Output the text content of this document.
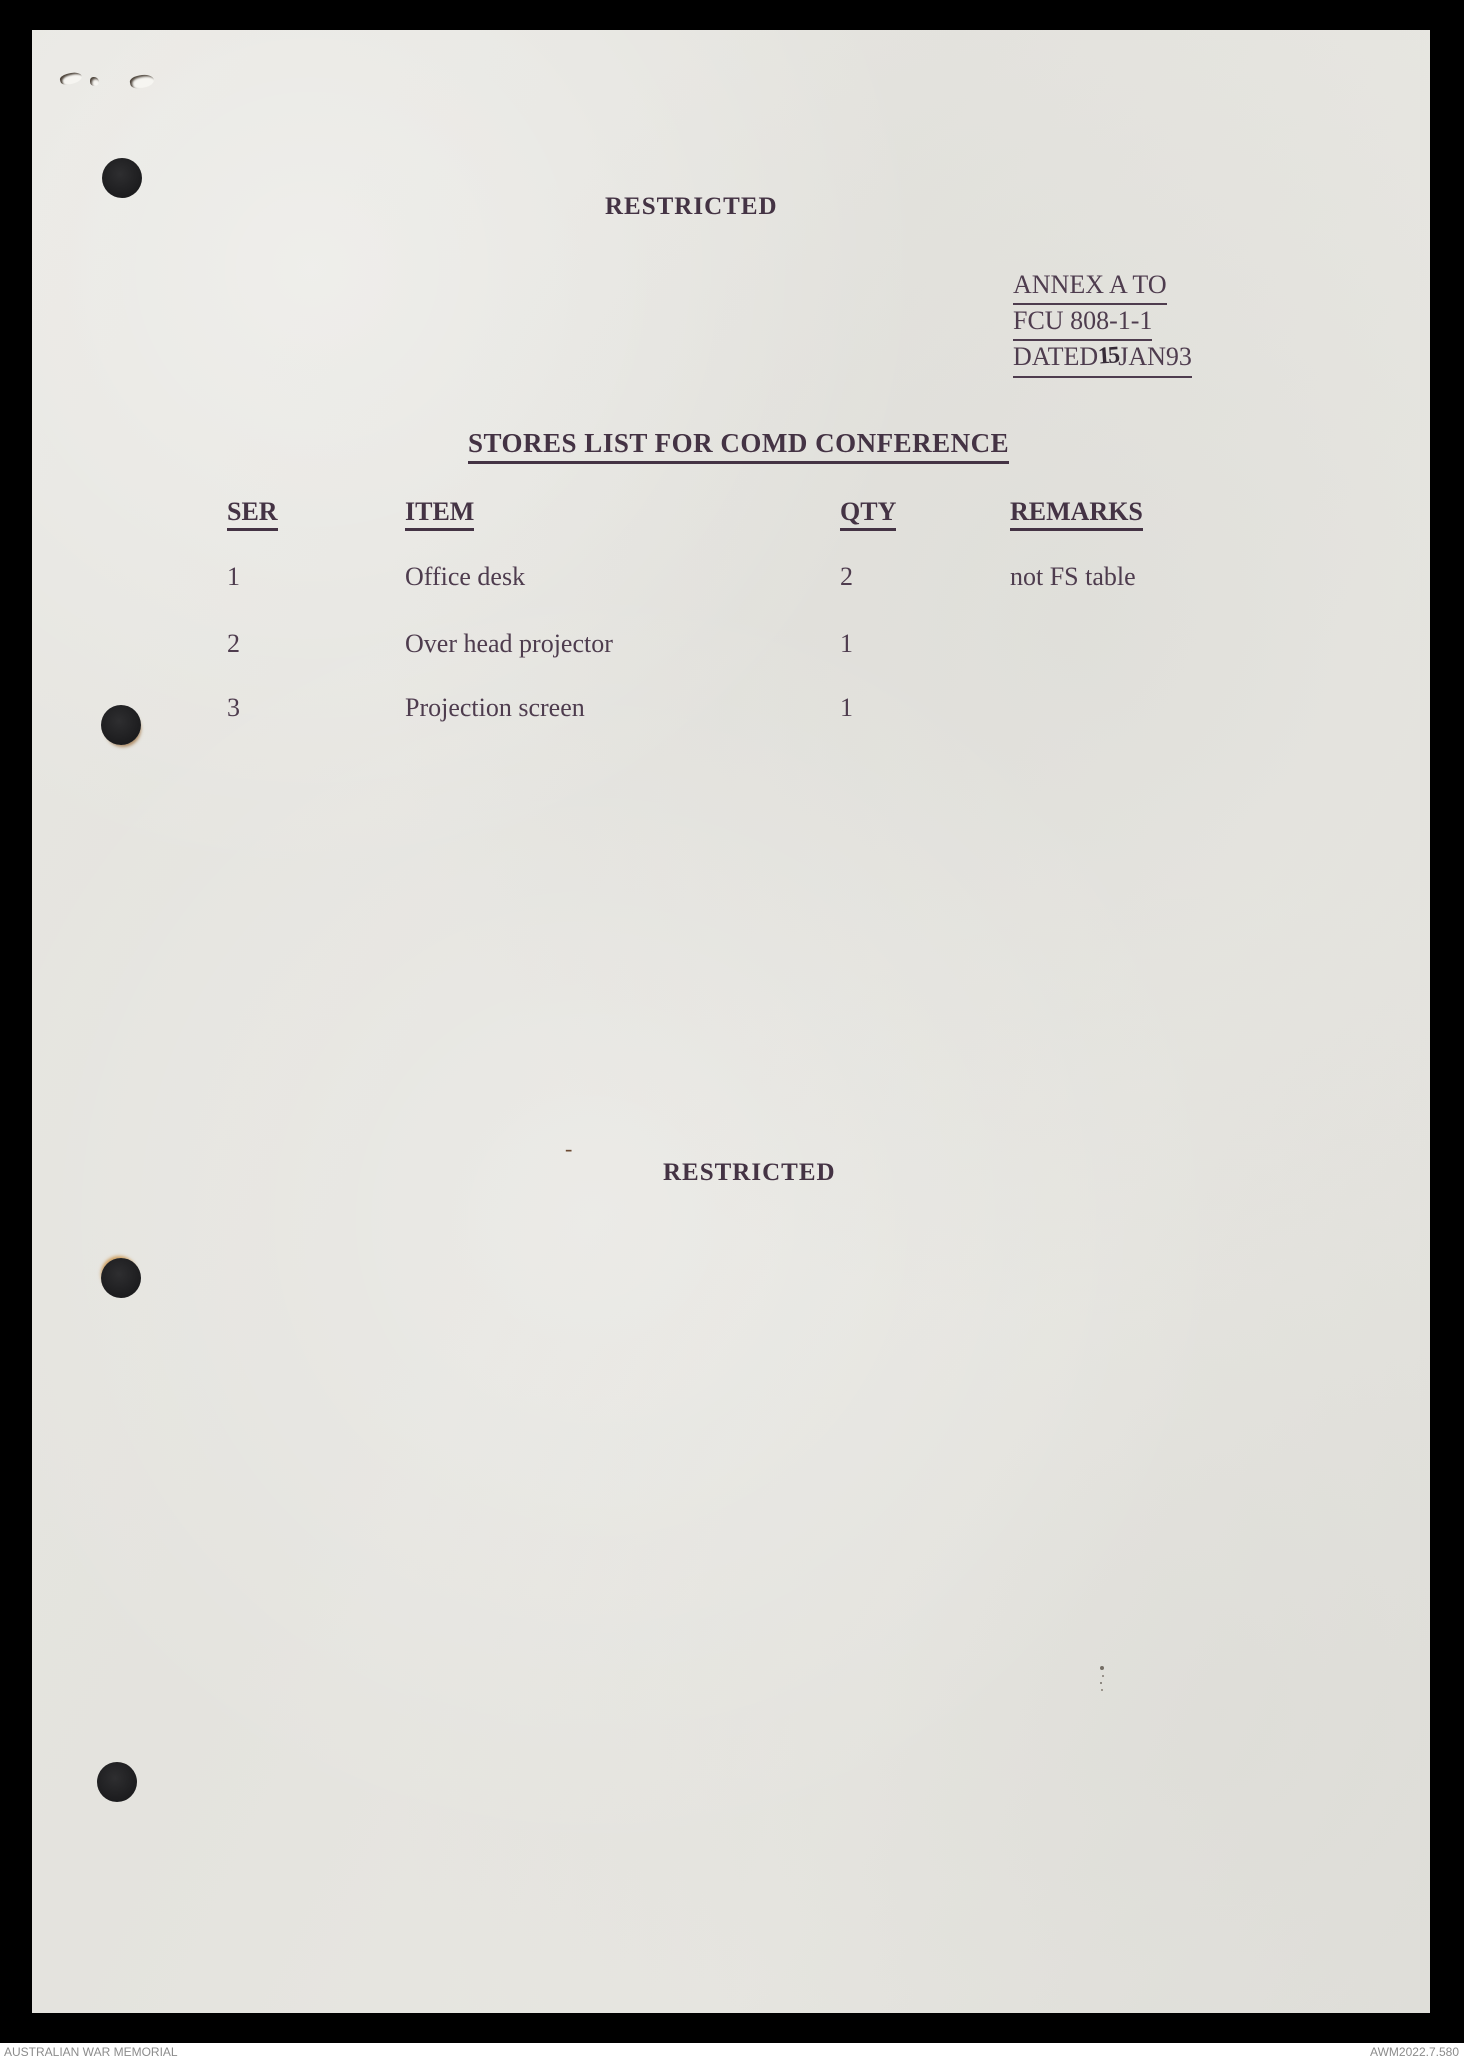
RESTRICTED
ANNEX A TO
FCU 808-1-1
DATED15JAN93
STORES LIST FOR COMD CONFERENCE
SER	ITEM	QTY	REMARKS
1	Office desk	2	not FS table
2	Over head projector	1
3	Projection screen	1
-
RESTRICTED
AUSTRALIAN WAR MEMORIAL	AWM2022.7.580
